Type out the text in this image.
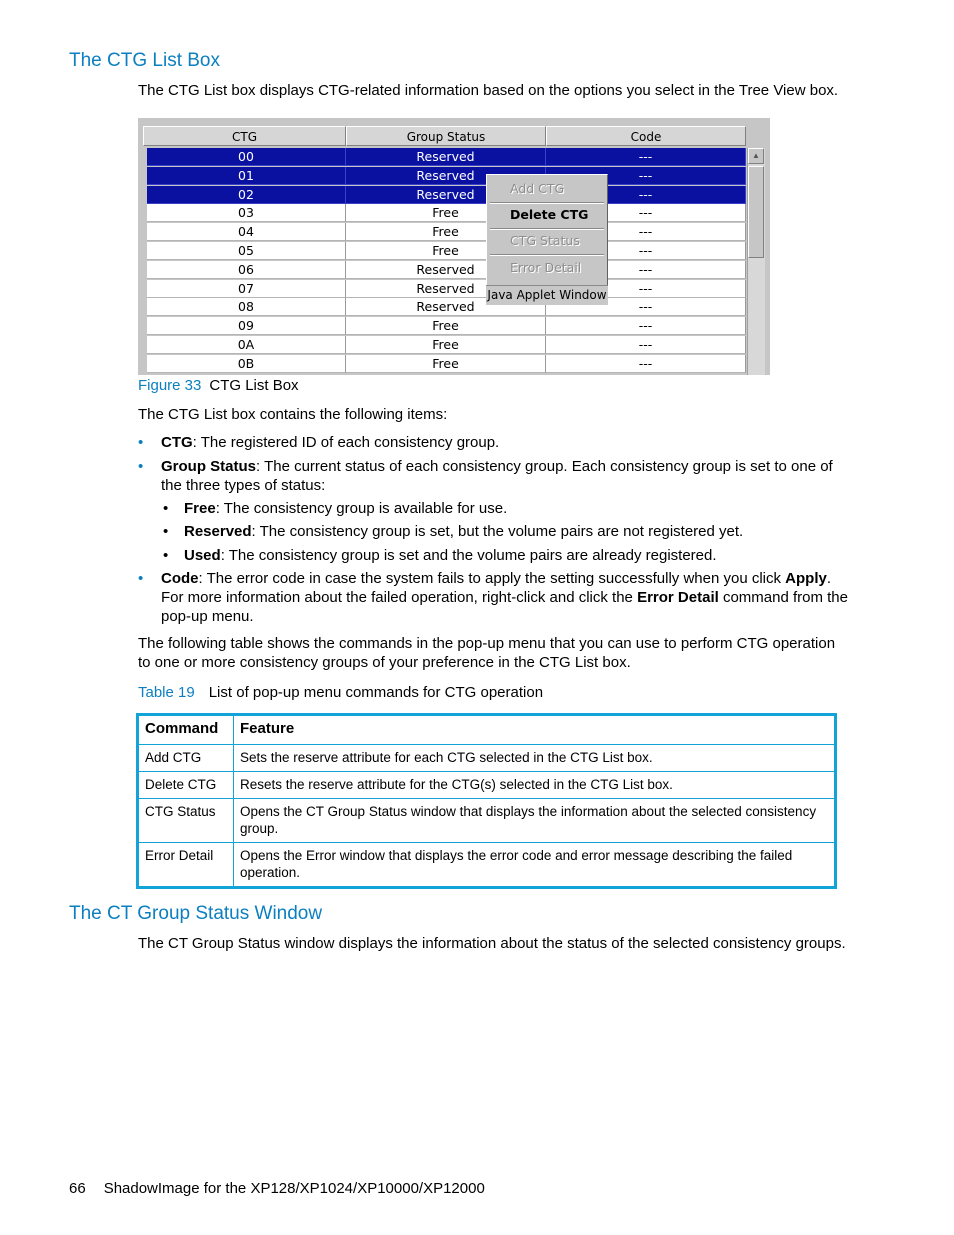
The CTG List Box

The CTG List box displays CTG-related information based on the options you select in the Tree View box.

CTG	Group Status	Code
00	Reserved	---
01	Reserved	---
02	Reserved	---
03	Free	---
04	Free	---
05	Free	---
06	Reserved	---
07	Reserved	---
08	Reserved	---
09	Free	---
0A	Free	---
0B	Free	---
▲
Add CTG
Delete CTG
CTG Status
Error Detail
Java Applet Window
Figure 33 CTG List Box

The CTG List box contains the following items:

• CTG: The registered ID of each consistency group.
• Group Status: The current status of each consistency group. Each consistency group is set to one of the three types of status:
• Free: The consistency group is available for use.
• Reserved: The consistency group is set, but the volume pairs are not registered yet.
• Used: The consistency group is set and the volume pairs are already registered.
• Code: The error code in case the system fails to apply the setting successfully when you click Apply. For more information about the failed operation, right-click and click the Error Detail command from the pop-up menu.

The following table shows the commands in the pop-up menu that you can use to perform CTG operation to one or more consistency groups of your preference in the CTG List box.

Table 19 List of pop-up menu commands for CTG operation
Command	Feature
Add CTG	Sets the reserve attribute for each CTG selected in the CTG List box.
Delete CTG	Resets the reserve attribute for the CTG(s) selected in the CTG List box.
CTG Status	Opens the CT Group Status window that displays the information about the selected consistency group.
Error Detail	Opens the Error window that displays the error code and error message describing the failed operation.
The CT Group Status Window

The CT Group Status window displays the information about the status of the selected consistency groups.

66 ShadowImage for the XP128/XP1024/XP10000/XP12000
